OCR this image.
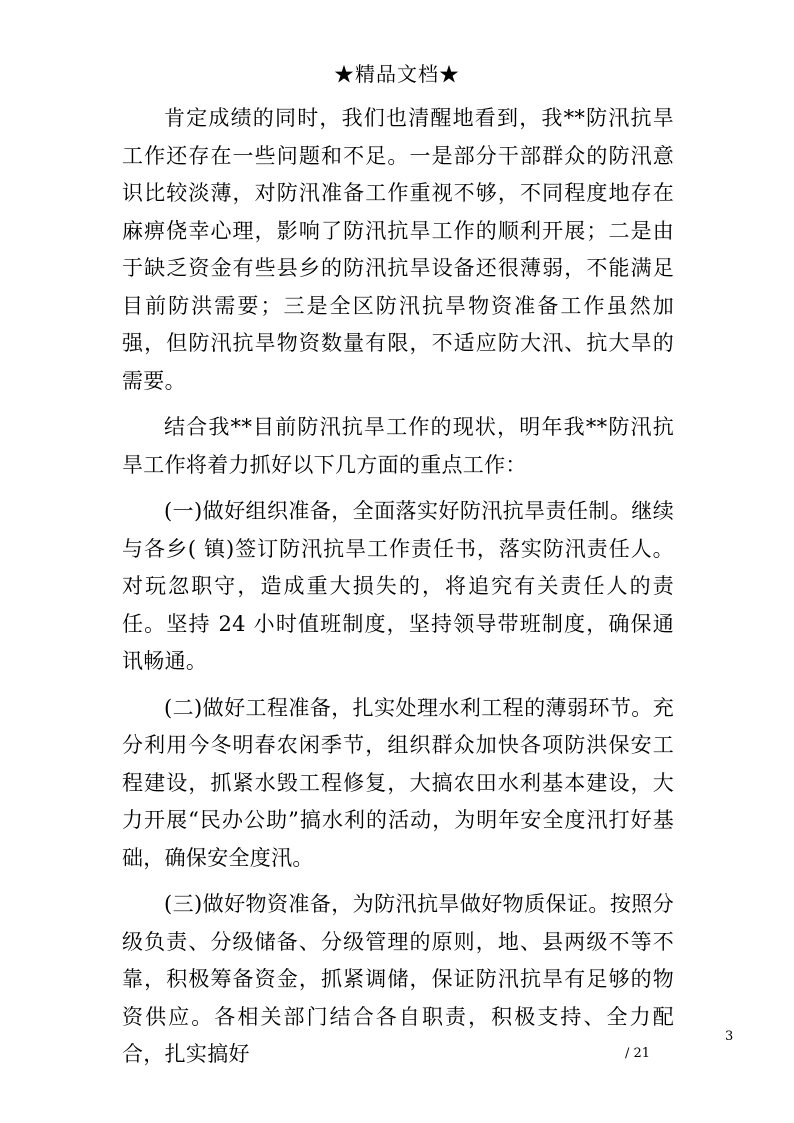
★精品文档★

肯定成绩的同时，我们也清醒地看到，我**防汛抗旱工作还存在一些问题和不足。一是部分干部群众的防汛意识比较淡薄，对防汛准备工作重视不够，不同程度地存在麻痹侥幸心理，影响了防汛抗旱工作的顺利开展；二是由于缺乏资金有些县乡的防汛抗旱设备还很薄弱，不能满足目前防洪需要；三是全区防汛抗旱物资准备工作虽然加强，但防汛抗旱物资数量有限，不适应防大汛、抗大旱的需要。

结合我**目前防汛抗旱工作的现状，明年我**防汛抗旱工作将着力抓好以下几方面的重点工作：

(一)做好组织准备，全面落实好防汛抗旱责任制。继续与各乡( 镇)签订防汛抗旱工作责任书，落实防汛责任人。对玩忽职守，造成重大损失的，将追究有关责任人的责任。坚持 24 小时值班制度，坚持领导带班制度，确保通讯畅通。

(二)做好工程准备，扎实处理水利工程的薄弱环节。充分利用今冬明春农闲季节，组织群众加快各项防洪保安工程建设，抓紧水毁工程修复，大搞农田水利基本建设，大力开展“民办公助”搞水利的活动，为明年安全度汛打好基础，确保安全度汛。

(三)做好物资准备，为防汛抗旱做好物质保证。按照分级负责、分级储备、分级管理的原则，地、县两级不等不靠，积极筹备资金，抓紧调储，保证防汛抗旱有足够的物资供应。各相关部门结合各自职责，积极支持、全力配合，扎实搞好

3
/ 21
